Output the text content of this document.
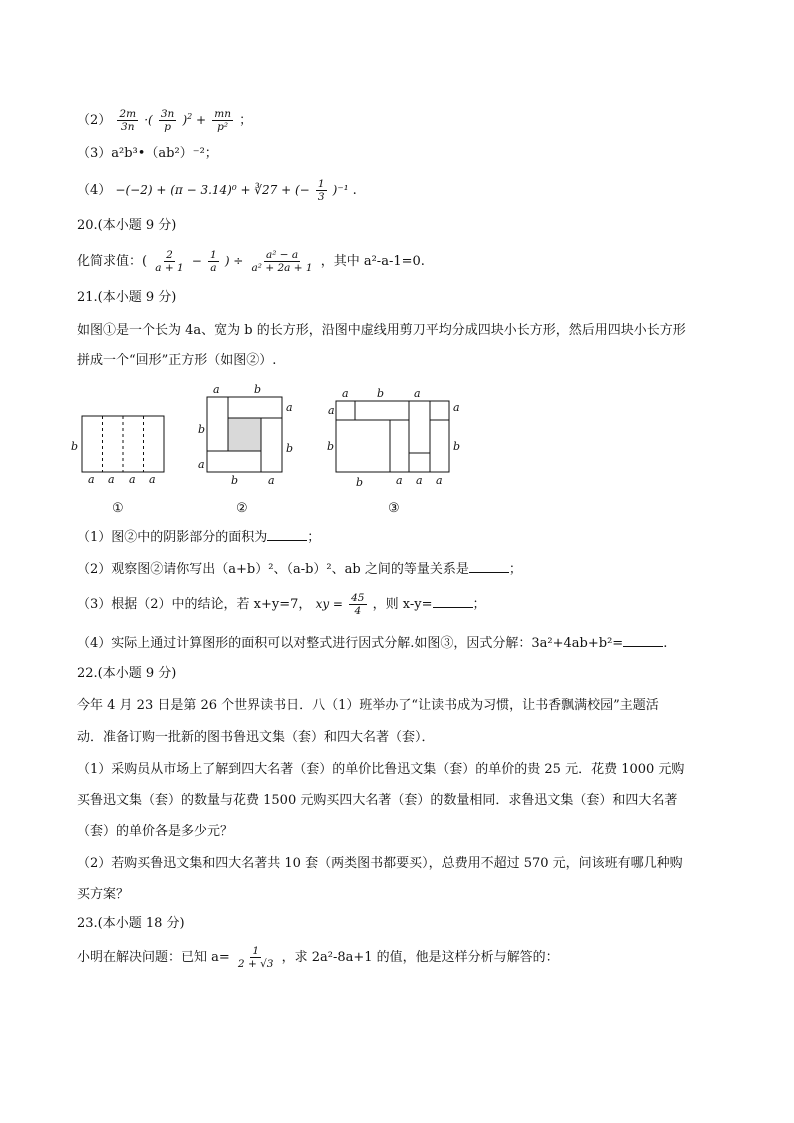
$(2) \frac{2m}{3n}$ ·( $\frac{3n}{p} )^2 + \frac{mn}{\text{p²}}$ ；
（3）a²b³•（ab²）⁻²；
（4） −(−2) + (π − 3.14)⁰ + ∛27 + (− $\frac{1}{3} )^{-1}$ .
20.(本小题 9 分)
化简求值：( $\frac{2}{a + 1} - \frac{1}{a}$ ) ÷ $\frac{\text{a² − a}}{\text{a² + 2a + 1}}$ ，其中 a²-a-1=0.
21.(本小题 9 分)
如图①是一个长为 4a、宽为 b 的长方形，沿图中虚线用剪刀平均分成四块小长方形，然后用四块小长方形
拼成一个“回形”正方形（如图②）.
b
a a a a
①
a	b
a
b
b
a
b	a
②
a	b	a
a	a
b	b
b	a a a
③
（1）图②中的阴影部分的面积为	；
（2）观察图②请你写出（a+b）²、（a-b）²、ab 之间的等量关系是	；
（3）根据（2）中的结论，若 x+y=7， xy = $\frac{45}{4}$ ，则 x-y=	；
（4）实际上通过计算图形的面积可以对整式进行因式分解.如图③，因式分解：3a²+4ab+b²=	.
22.(本小题 9 分)
今年 4 月 23 日是第 26 个世界读书日．八（1）班举办了“让读书成为习惯，让书香飘满校园”主题活
动．准备订购一批新的图书鲁迅文集（套）和四大名著（套）．
（1）采购员从市场上了解到四大名著（套）的单价比鲁迅文集（套）的单价的贵 25 元．花费 1000 元购
买鲁迅文集（套）的数量与花费 1500 元购买四大名著（套）的数量相同．求鲁迅文集（套）和四大名著
（套）的单价各是多少元？
（2）若购买鲁迅文集和四大名著共 10 套（两类图书都要买），总费用不超过 570 元，问该班有哪几种购
买方案？
23.(本小题 18 分)
小明在解决问题：已知 $a= \frac{1}{2 + √3}$ ，求 2a²-8a+1 的值，他是这样分析与解答的：
